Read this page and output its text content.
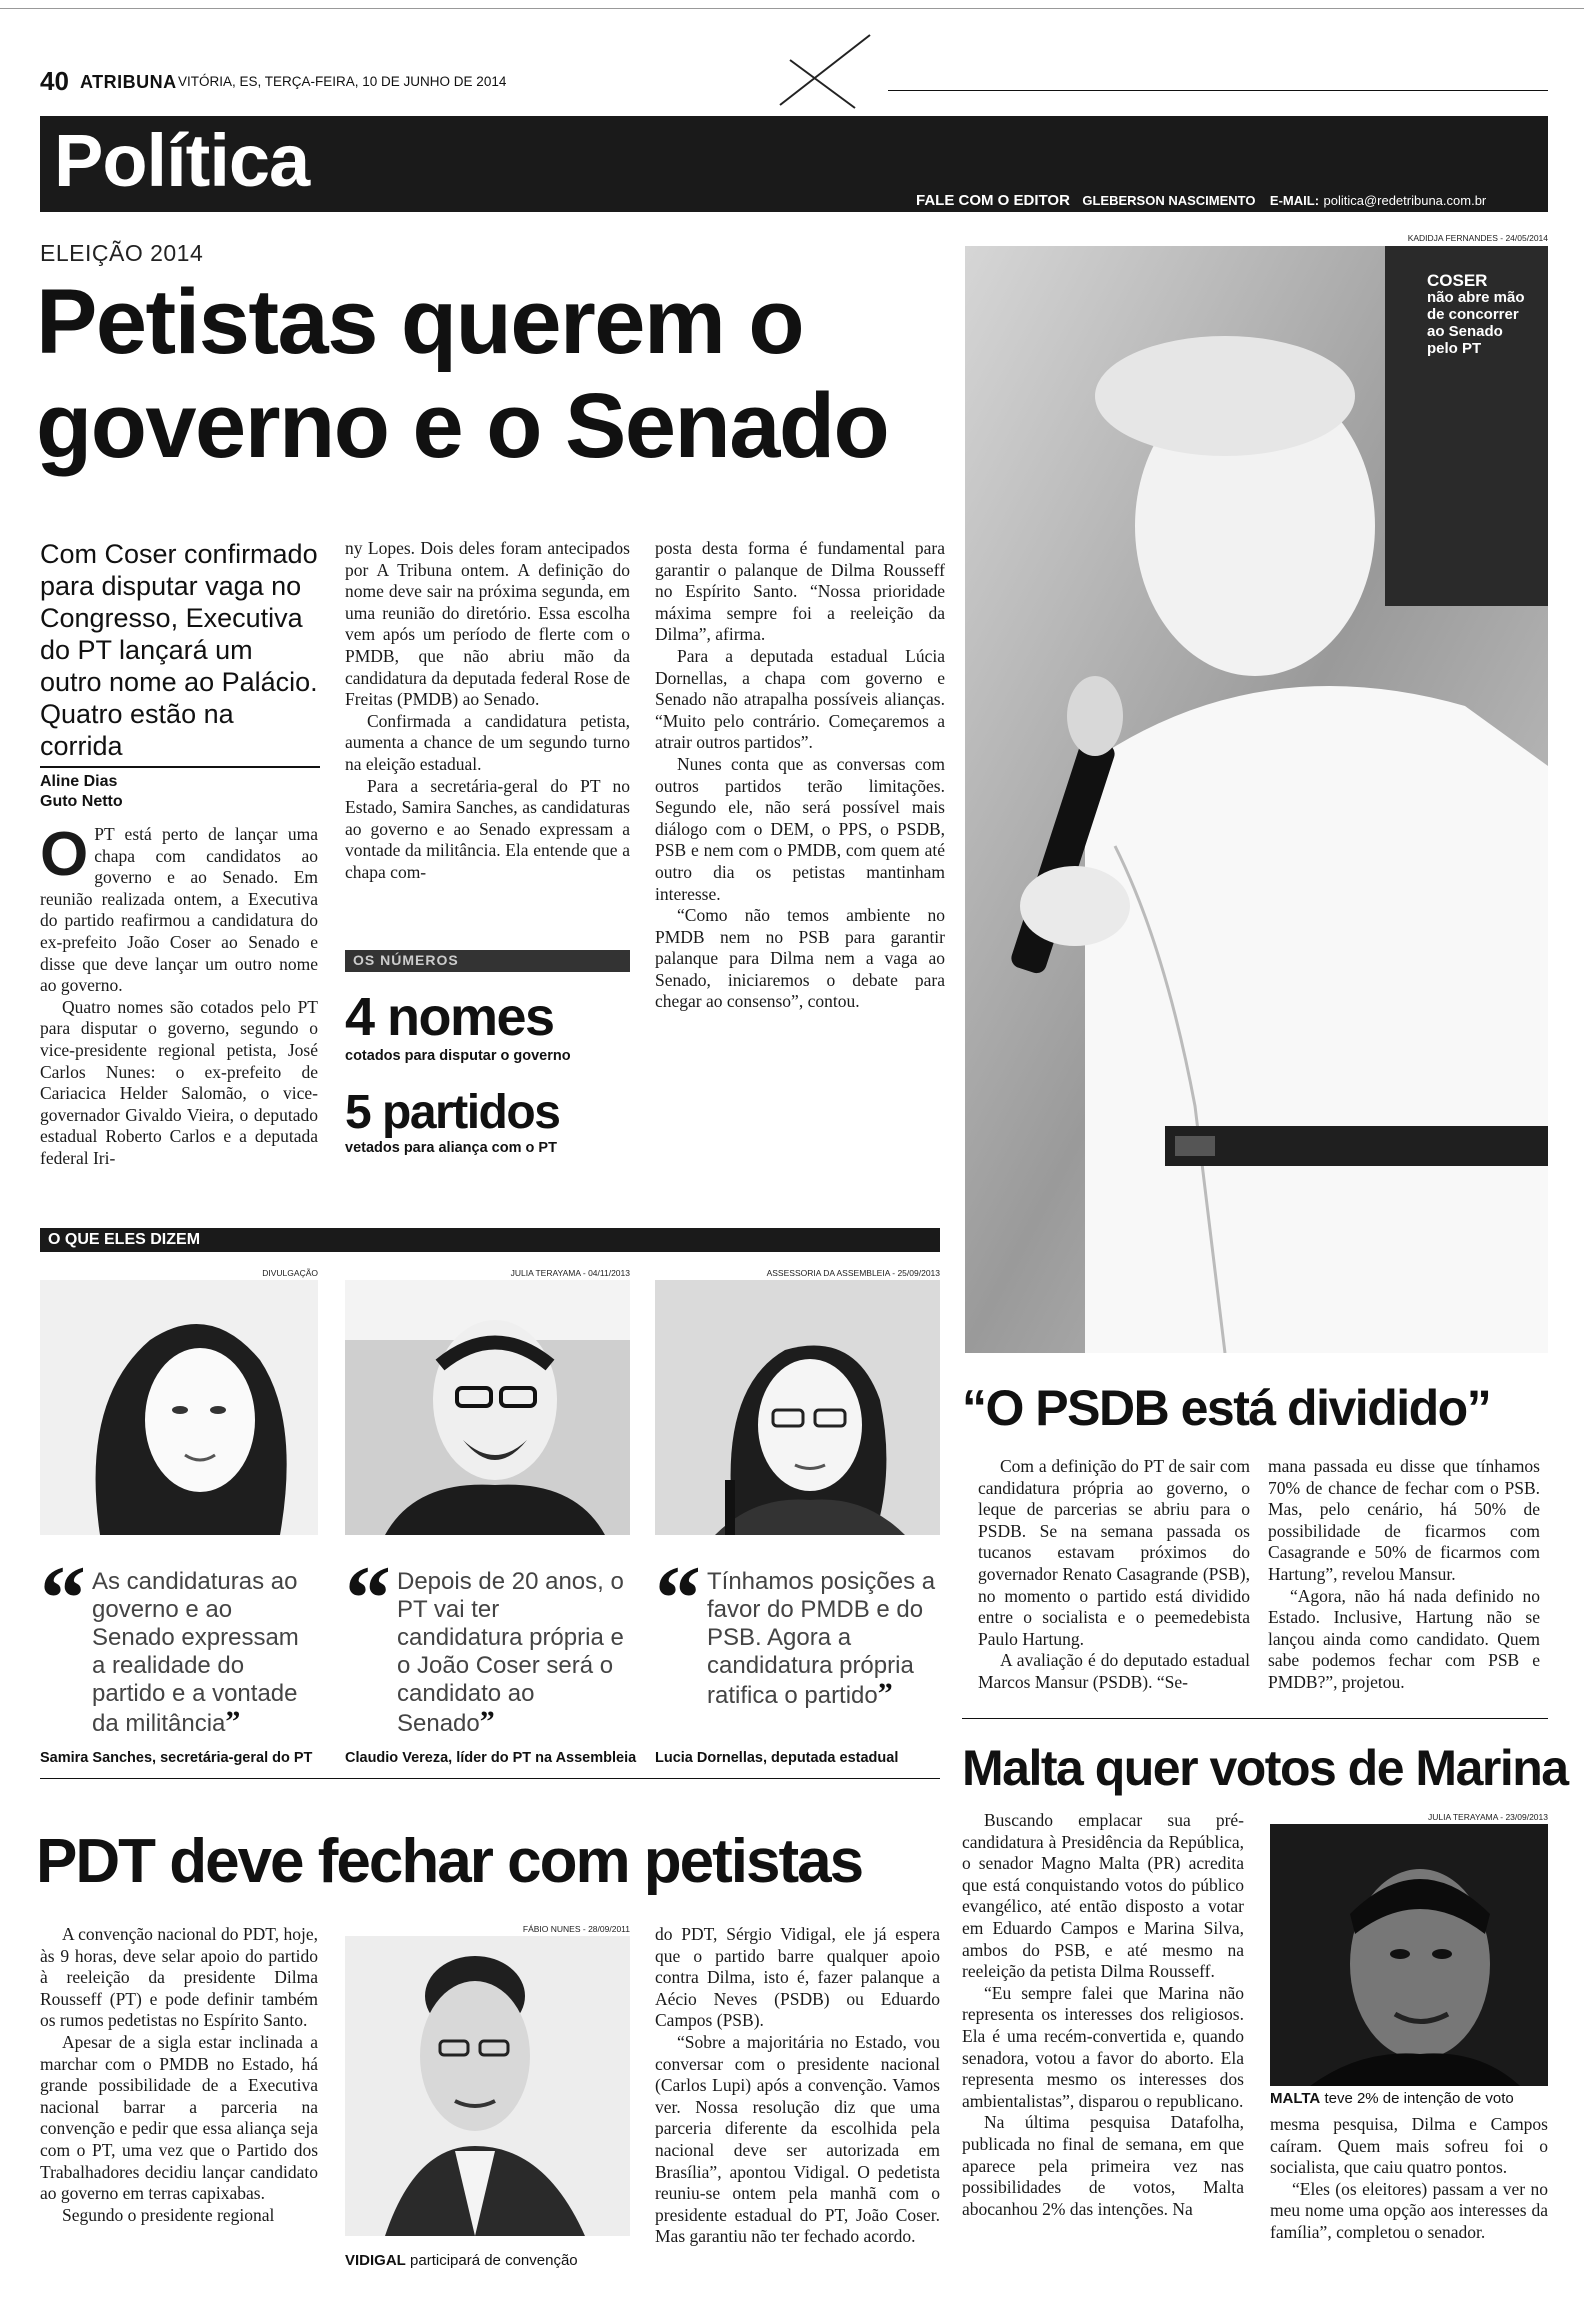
40 ATRIBUNA VITÓRIA, ES, TERÇA-FEIRA, 10 DE JUNHO DE 2014
Política	FALE COM O EDITOR GLEBERSON NASCIMENTO E-MAIL: politica@redetribuna.com.br
ELEIÇÃO 2014
Petistas querem o
governo e o Senado
Com Coser confirmado para disputar vaga no Congresso, Executiva do PT lançará um outro nome ao Palácio. Quatro estão na corrida
Aline Dias
Guto Netto

OPT está perto de lançar uma chapa com candidatos ao governo e ao Senado. Em reunião realizada ontem, a Executiva do partido reafirmou a candidatura do ex-prefeito João Coser ao Senado e disse que deve lançar um outro nome ao governo.

Quatro nomes são cotados pelo PT para disputar o governo, segundo o vice-presidente regional petista, José Carlos Nunes: o ex-prefeito de Cariacica Helder Salomão, o vice-governador Givaldo Vieira, o deputado estadual Roberto Carlos e a deputada federal Iri-

ny Lopes. Dois deles foram antecipados por A Tribuna ontem. A definição do nome deve sair na próxima segunda, em uma reunião do diretório. Essa escolha vem após um período de flerte com o PMDB, que não abriu mão da candidatura da deputada federal Rose de Freitas (PMDB) ao Senado.

Confirmada a candidatura petista, aumenta a chance de um segundo turno na eleição estadual.

Para a secretária-geral do PT no Estado, Samira Sanches, as candidaturas ao governo e ao Senado expressam a vontade da militância. Ela entende que a chapa com-

OS NÚMEROS
4 nomes
cotados para disputar o governo
5 partidos
vetados para aliança com o PT

posta desta forma é fundamental para garantir o palanque de Dilma Rousseff no Espírito Santo. “Nossa prioridade máxima sempre foi a reeleição da Dilma”, afirma.

Para a deputada estadual Lúcia Dornellas, a chapa com governo e Senado não atrapalha possíveis alianças. “Muito pelo contrário. Começaremos a atrair outros partidos”.

Nunes conta que as conversas com outros partidos terão limitações. Segundo ele, não será possível mais diálogo com o DEM, o PPS, o PSDB, PSB e nem com o PMDB, com quem até outro dia os petistas mantinham interesse.

“Como não temos ambiente no PMDB nem no PSB para garantir palanque para Dilma nem a vaga ao Senado, iniciaremos o debate para chegar ao consenso”, contou.

KADIDJA FERNANDES - 24/05/2014
COSER
não abre mão de concorrer ao Senado pelo PT
O QUE ELES DIZEM
DIVULGAÇÃO
“ As candidaturas ao governo e ao Senado expressam a realidade do partido e a vontade da militância”
Samira Sanches, secretária-geral do PT
JULIA TERAYAMA - 04/11/2013
“ Depois de 20 anos, o PT vai ter candidatura própria e o João Coser será o candidato ao Senado”
Claudio Vereza, líder do PT na Assembleia
ASSESSORIA DA ASSEMBLEIA - 25/09/2013
“ Tínhamos posições a favor do PMDB e do PSB. Agora a candidatura própria ratifica o partido”
Lucia Dornellas, deputada estadual
“O PSDB está dividido”

Com a definição do PT de sair com candidatura própria ao governo, o leque de parcerias se abriu para o PSDB. Se na semana passada os tucanos estavam próximos do governador Renato Casagrande (PSB), no momento o partido está dividido entre o socialista e o peemedebista Paulo Hartung.

A avaliação é do deputado estadual Marcos Mansur (PSDB). “Se-

mana passada eu disse que tínhamos 70% de chance de fechar com o PSB. Mas, pelo cenário, há 50% de possibilidade de ficarmos com Casagrande e 50% de ficarmos com Hartung”, revelou Mansur.

“Agora, não há nada definido no Estado. Inclusive, Hartung não se lançou ainda como candidato. Quem sabe podemos fechar com PSB e PMDB?”, projetou.

Malta quer votos de Marina

Buscando emplacar sua pré-candidatura à Presidência da República, o senador Magno Malta (PR) acredita que está conquistando votos do público evangélico, até então disposto a votar em Eduardo Campos e Marina Silva, ambos do PSB, e até mesmo na reeleição da petista Dilma Rousseff.

“Eu sempre falei que Marina não representa os interesses dos religiosos. Ela é uma recém-convertida e, quando senadora, votou a favor do aborto. Ela representa mesmo os interesses dos ambientalistas”, disparou o republicano.

Na última pesquisa Datafolha, publicada no final de semana, em que aparece pela primeira vez nas possibilidades de votos, Malta abocanhou 2% das intenções. Na

JULIA TERAYAMA - 23/09/2013
MALTA teve 2% de intenção de voto

mesma pesquisa, Dilma e Campos caíram. Quem mais sofreu foi o socialista, que caiu quatro pontos.

“Eles (os eleitores) passam a ver no meu nome uma opção aos interesses da família”, completou o senador.

PDT deve fechar com petistas

A convenção nacional do PDT, hoje, às 9 horas, deve selar apoio do partido à reeleição da presidente Dilma Rousseff (PT) e pode definir também os rumos pedetistas no Espírito Santo.

Apesar de a sigla estar inclinada a marchar com o PMDB no Estado, há grande possibilidade de a Executiva nacional barrar a parceria na convenção e pedir que essa aliança seja com o PT, uma vez que o Partido dos Trabalhadores decidiu lançar candidato ao governo em terras capixabas.

Segundo o presidente regional

FÁBIO NUNES - 28/09/2011
VIDIGAL participará de convenção

do PDT, Sérgio Vidigal, ele já espera que o partido barre qualquer apoio contra Dilma, isto é, fazer palanque a Aécio Neves (PSDB) ou Eduardo Campos (PSB).

“Sobre a majoritária no Estado, vou conversar com o presidente nacional (Carlos Lupi) após a convenção. Vamos ver. Nossa resolução diz que uma parceria diferente da escolhida pela nacional deve ser autorizada em Brasília”, apontou Vidigal. O pedetista reuniu-se ontem pela manhã com o presidente estadual do PT, João Coser. Mas garantiu não ter fechado acordo.
